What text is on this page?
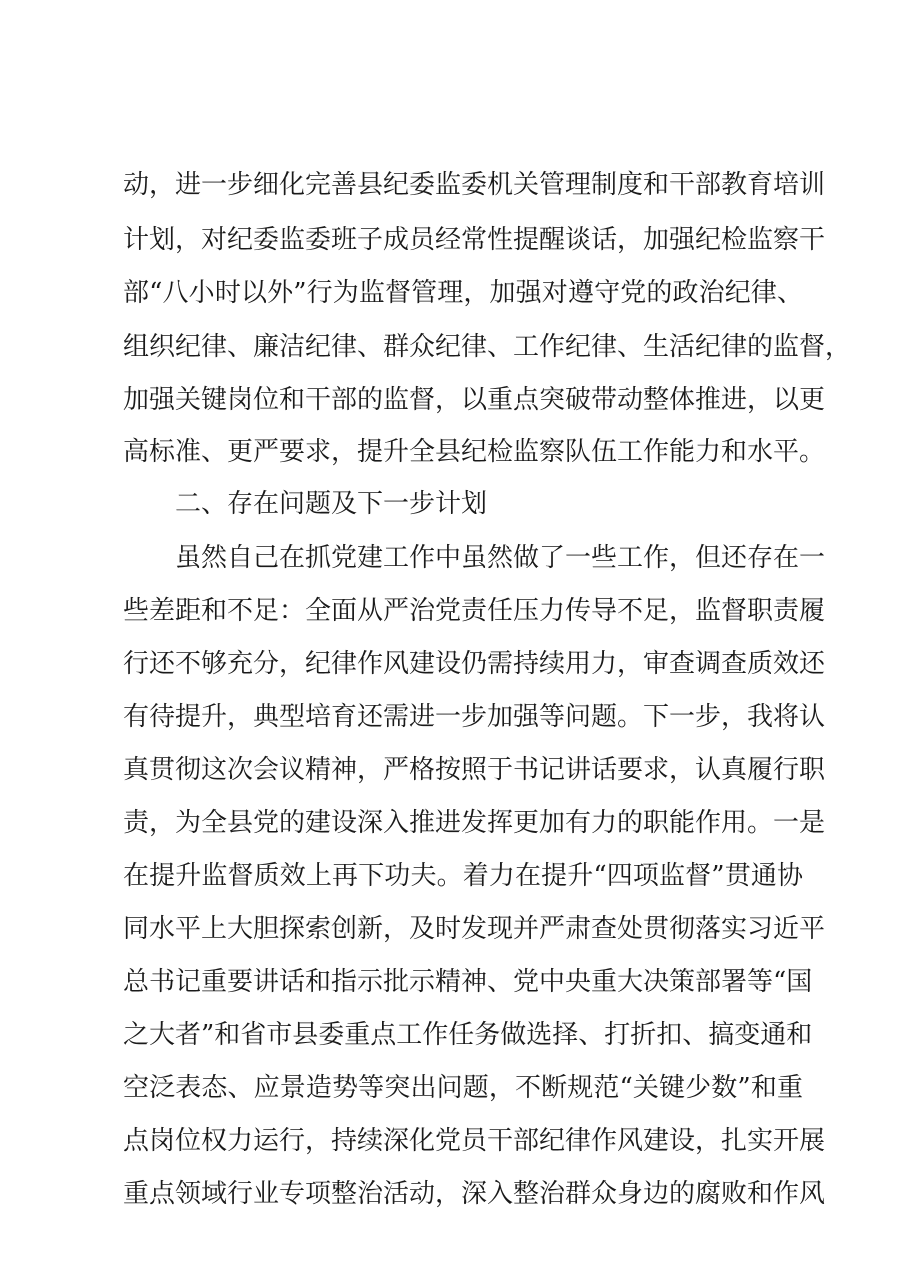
动，进一步细化完善县纪委监委机关管理制度和干部教育培训
计划，对纪委监委班子成员经常性提醒谈话，加强纪检监察干
部“八小时以外”行为监督管理，加强对遵守党的政治纪律、
组织纪律、廉洁纪律、群众纪律、工作纪律、生活纪律的监督，
加强关键岗位和干部的监督，以重点突破带动整体推进，以更
高标准、更严要求，提升全县纪检监察队伍工作能力和水平。
二、存在问题及下一步计划
虽然自己在抓党建工作中虽然做了一些工作，但还存在一
些差距和不足：全面从严治党责任压力传导不足，监督职责履
行还不够充分，纪律作风建设仍需持续用力，审查调查质效还
有待提升，典型培育还需进一步加强等问题。下一步，我将认
真贯彻这次会议精神，严格按照于书记讲话要求，认真履行职
责，为全县党的建设深入推进发挥更加有力的职能作用。一是
在提升监督质效上再下功夫。着力在提升“四项监督”贯通协
同水平上大胆探索创新，及时发现并严肃查处贯彻落实习近平
总书记重要讲话和指示批示精神、党中央重大决策部署等“国
之大者”和省市县委重点工作任务做选择、打折扣、搞变通和
空泛表态、应景造势等突出问题，不断规范“关键少数”和重
点岗位权力运行，持续深化党员干部纪律作风建设，扎实开展
重点领域行业专项整治活动，深入整治群众身边的腐败和作风
